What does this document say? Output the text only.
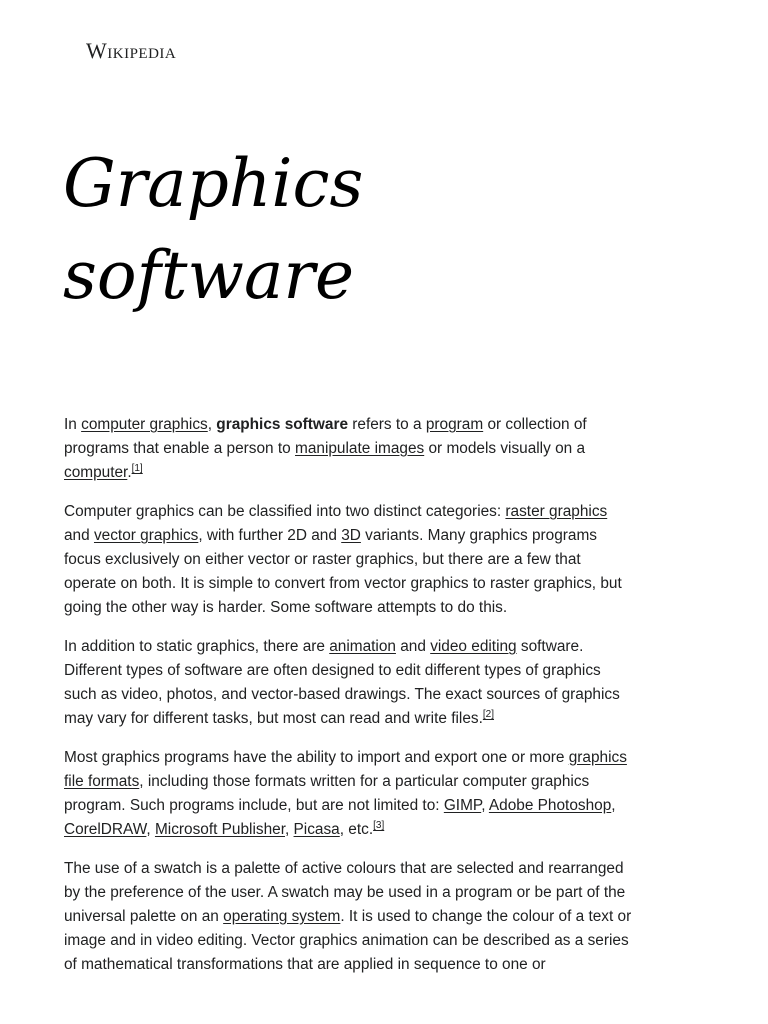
Wikipedia
Graphics
software

In computer graphics, graphics software refers to a program or collection of programs that enable a person to manipulate images or models visually on a computer.[1]

Computer graphics can be classified into two distinct categories: raster graphics and vector graphics, with further 2D and 3D variants. Many graphics programs focus exclusively on either vector or raster graphics, but there are a few that operate on both. It is simple to convert from vector graphics to raster graphics, but going the other way is harder. Some software attempts to do this.

In addition to static graphics, there are animation and video editing software. Different types of software are often designed to edit different types of graphics such as video, photos, and vector-based drawings. The exact sources of graphics may vary for different tasks, but most can read and write files.[2]

Most graphics programs have the ability to import and export one or more graphics file formats, including those formats written for a particular computer graphics program. Such programs include, but are not limited to: GIMP, Adobe Photoshop, CorelDRAW, Microsoft Publisher, Picasa, etc.[3]

The use of a swatch is a palette of active colours that are selected and rearranged by the preference of the user. A swatch may be used in a program or be part of the universal palette on an operating system. It is used to change the colour of a text or image and in video editing. Vector graphics animation can be described as a series of mathematical transformations that are applied in sequence to one or
